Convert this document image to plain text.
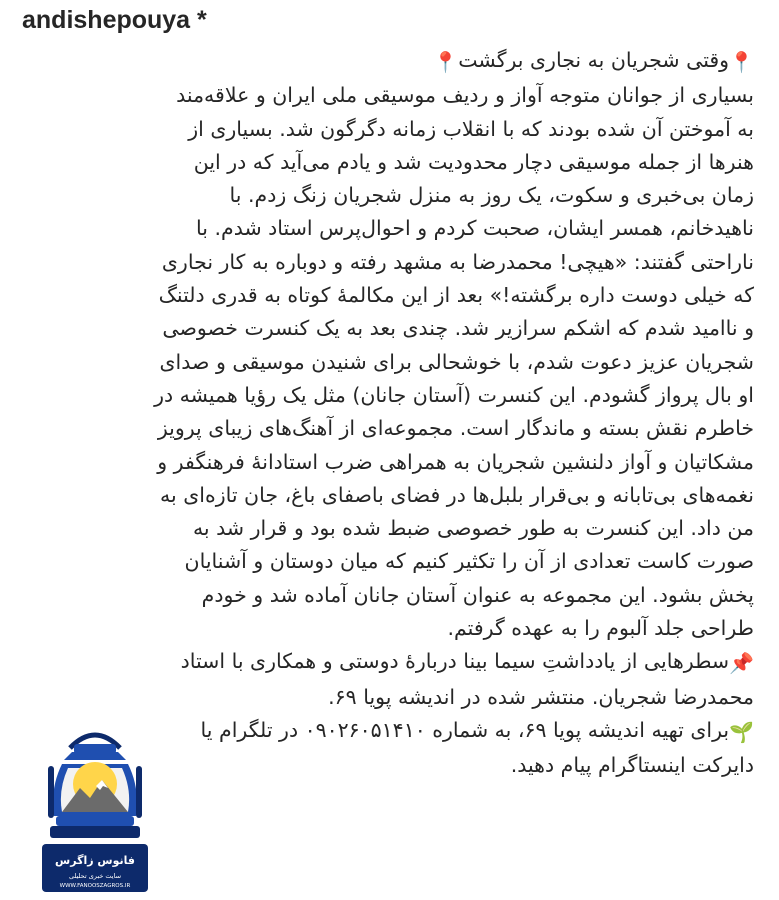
andishepouya *

📍وقتی شجریان به نجاری برگشت📍

بسیاری از جوانان متوجه آواز و ردیف موسیقی ملی ایران و علاقه‌مند

به آموختن آن شده بودند که با انقلاب زمانه دگرگون شد. بسیاری از

هنرها از جمله موسیقی دچار محدودیت شد و یادم می‌آید که در این

زمان بی‌خبری و سکوت، یک روز به منزل شجریان زنگ زدم. با

ناهیدخانم، همسر ایشان، صحبت کردم و احوال‌پرس استاد شدم. با

ناراحتی گفتند: «هیچی! محمدرضا به مشهد رفته و دوباره به کار نجاری

که خیلی دوست داره برگشته!» بعد از این مکالمهٔ کوتاه به قدری دلتنگ

و ناامید شدم که اشکم سرازیر شد. چندی بعد به یک کنسرت خصوصی

شجریان عزیز دعوت شدم، با خوشحالی برای شنیدن موسیقی و صدای

او بال پرواز گشودم. این کنسرت (آستان جانان) مثل یک رؤیا همیشه در

خاطرم نقش بسته و ماندگار است. مجموعه‌ای از آهنگ‌های زیبای پرویز

مشکاتیان و آواز دلنشین شجریان به همراهی ضرب استادانهٔ فرهنگفر و

نغمه‌های بی‌تابانه و بی‌قرار بلبل‌ها در فضای باصفای باغ، جان تازه‌ای به

من داد. این کنسرت به طور خصوصی ضبط شده بود و قرار شد به

صورت کاست تعدادی از آن را تکثیر کنیم که میان دوستان و آشنایان

پخش بشود. این مجموعه به عنوان آستان جانان آماده شد و خودم

طراحی جلد آلبوم را به عهده گرفتم.

📌سطرهایی از یادداشتِ سیما بینا دربارهٔ دوستی و همکاری با استاد

محمدرضا شجریان. منتشر شده در اندیشه پویا ۶۹.

🌱برای تهیه اندیشه پویا ۶۹، به شماره ۰۹۰۲۶۰۵۱۴۱۰ در تلگرام یا

دایرکت اینستاگرام پیام دهید.

فانوس زاگرس
سایت خبری تحلیلی
WWW.FANOOSZAGROS.IR
